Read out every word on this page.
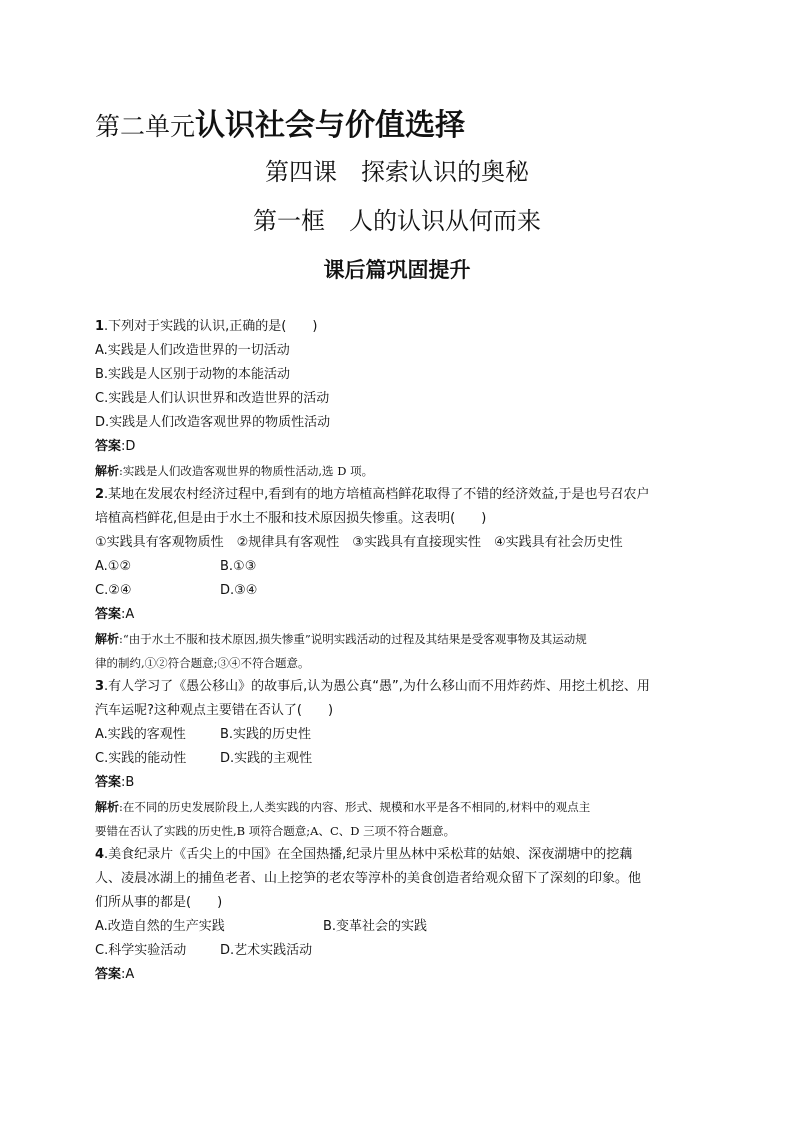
第二单元认识社会与价值选择
第四课　探索认识的奥秘
第一框　人的认识从何而来
课后篇巩固提升
1.下列对于实践的认识,正确的是(　　)
A.实践是人们改造世界的一切活动
B.实践是人区别于动物的本能活动
C.实践是人们认识世界和改造世界的活动
D.实践是人们改造客观世界的物质性活动
答案:D
解析:实践是人们改造客观世界的物质性活动,选 D 项。
2.某地在发展农村经济过程中,看到有的地方培植高档鲜花取得了不错的经济效益,于是也号召农户
培植高档鲜花,但是由于水土不服和技术原因损失惨重。这表明(　　)
①实践具有客观物质性　②规律具有客观性　③实践具有直接现实性　④实践具有社会历史性
A.①②	B.①③
C.②④	D.③④
答案:A
解析:“由于水土不服和技术原因,损失惨重”说明实践活动的过程及其结果是受客观事物及其运动规
律的制约,①②符合题意;③④不符合题意。
3.有人学习了《愚公移山》的故事后,认为愚公真“愚”,为什么移山而不用炸药炸、用挖土机挖、用
汽车运呢?这种观点主要错在否认了(　　)
A.实践的客观性	B.实践的历史性
C.实践的能动性	D.实践的主观性
答案:B
解析:在不同的历史发展阶段上,人类实践的内容、形式、规模和水平是各不相同的,材料中的观点主
要错在否认了实践的历史性,B 项符合题意;A、C、D 三项不符合题意。
4.美食纪录片《舌尖上的中国》在全国热播,纪录片里丛林中采松茸的姑娘、深夜湖塘中的挖藕
人、凌晨冰湖上的捕鱼老者、山上挖笋的老农等淳朴的美食创造者给观众留下了深刻的印象。他
们所从事的都是(　　)
A.改造自然的生产实践	B.变革社会的实践
C.科学实验活动	D.艺术实践活动
答案:A
